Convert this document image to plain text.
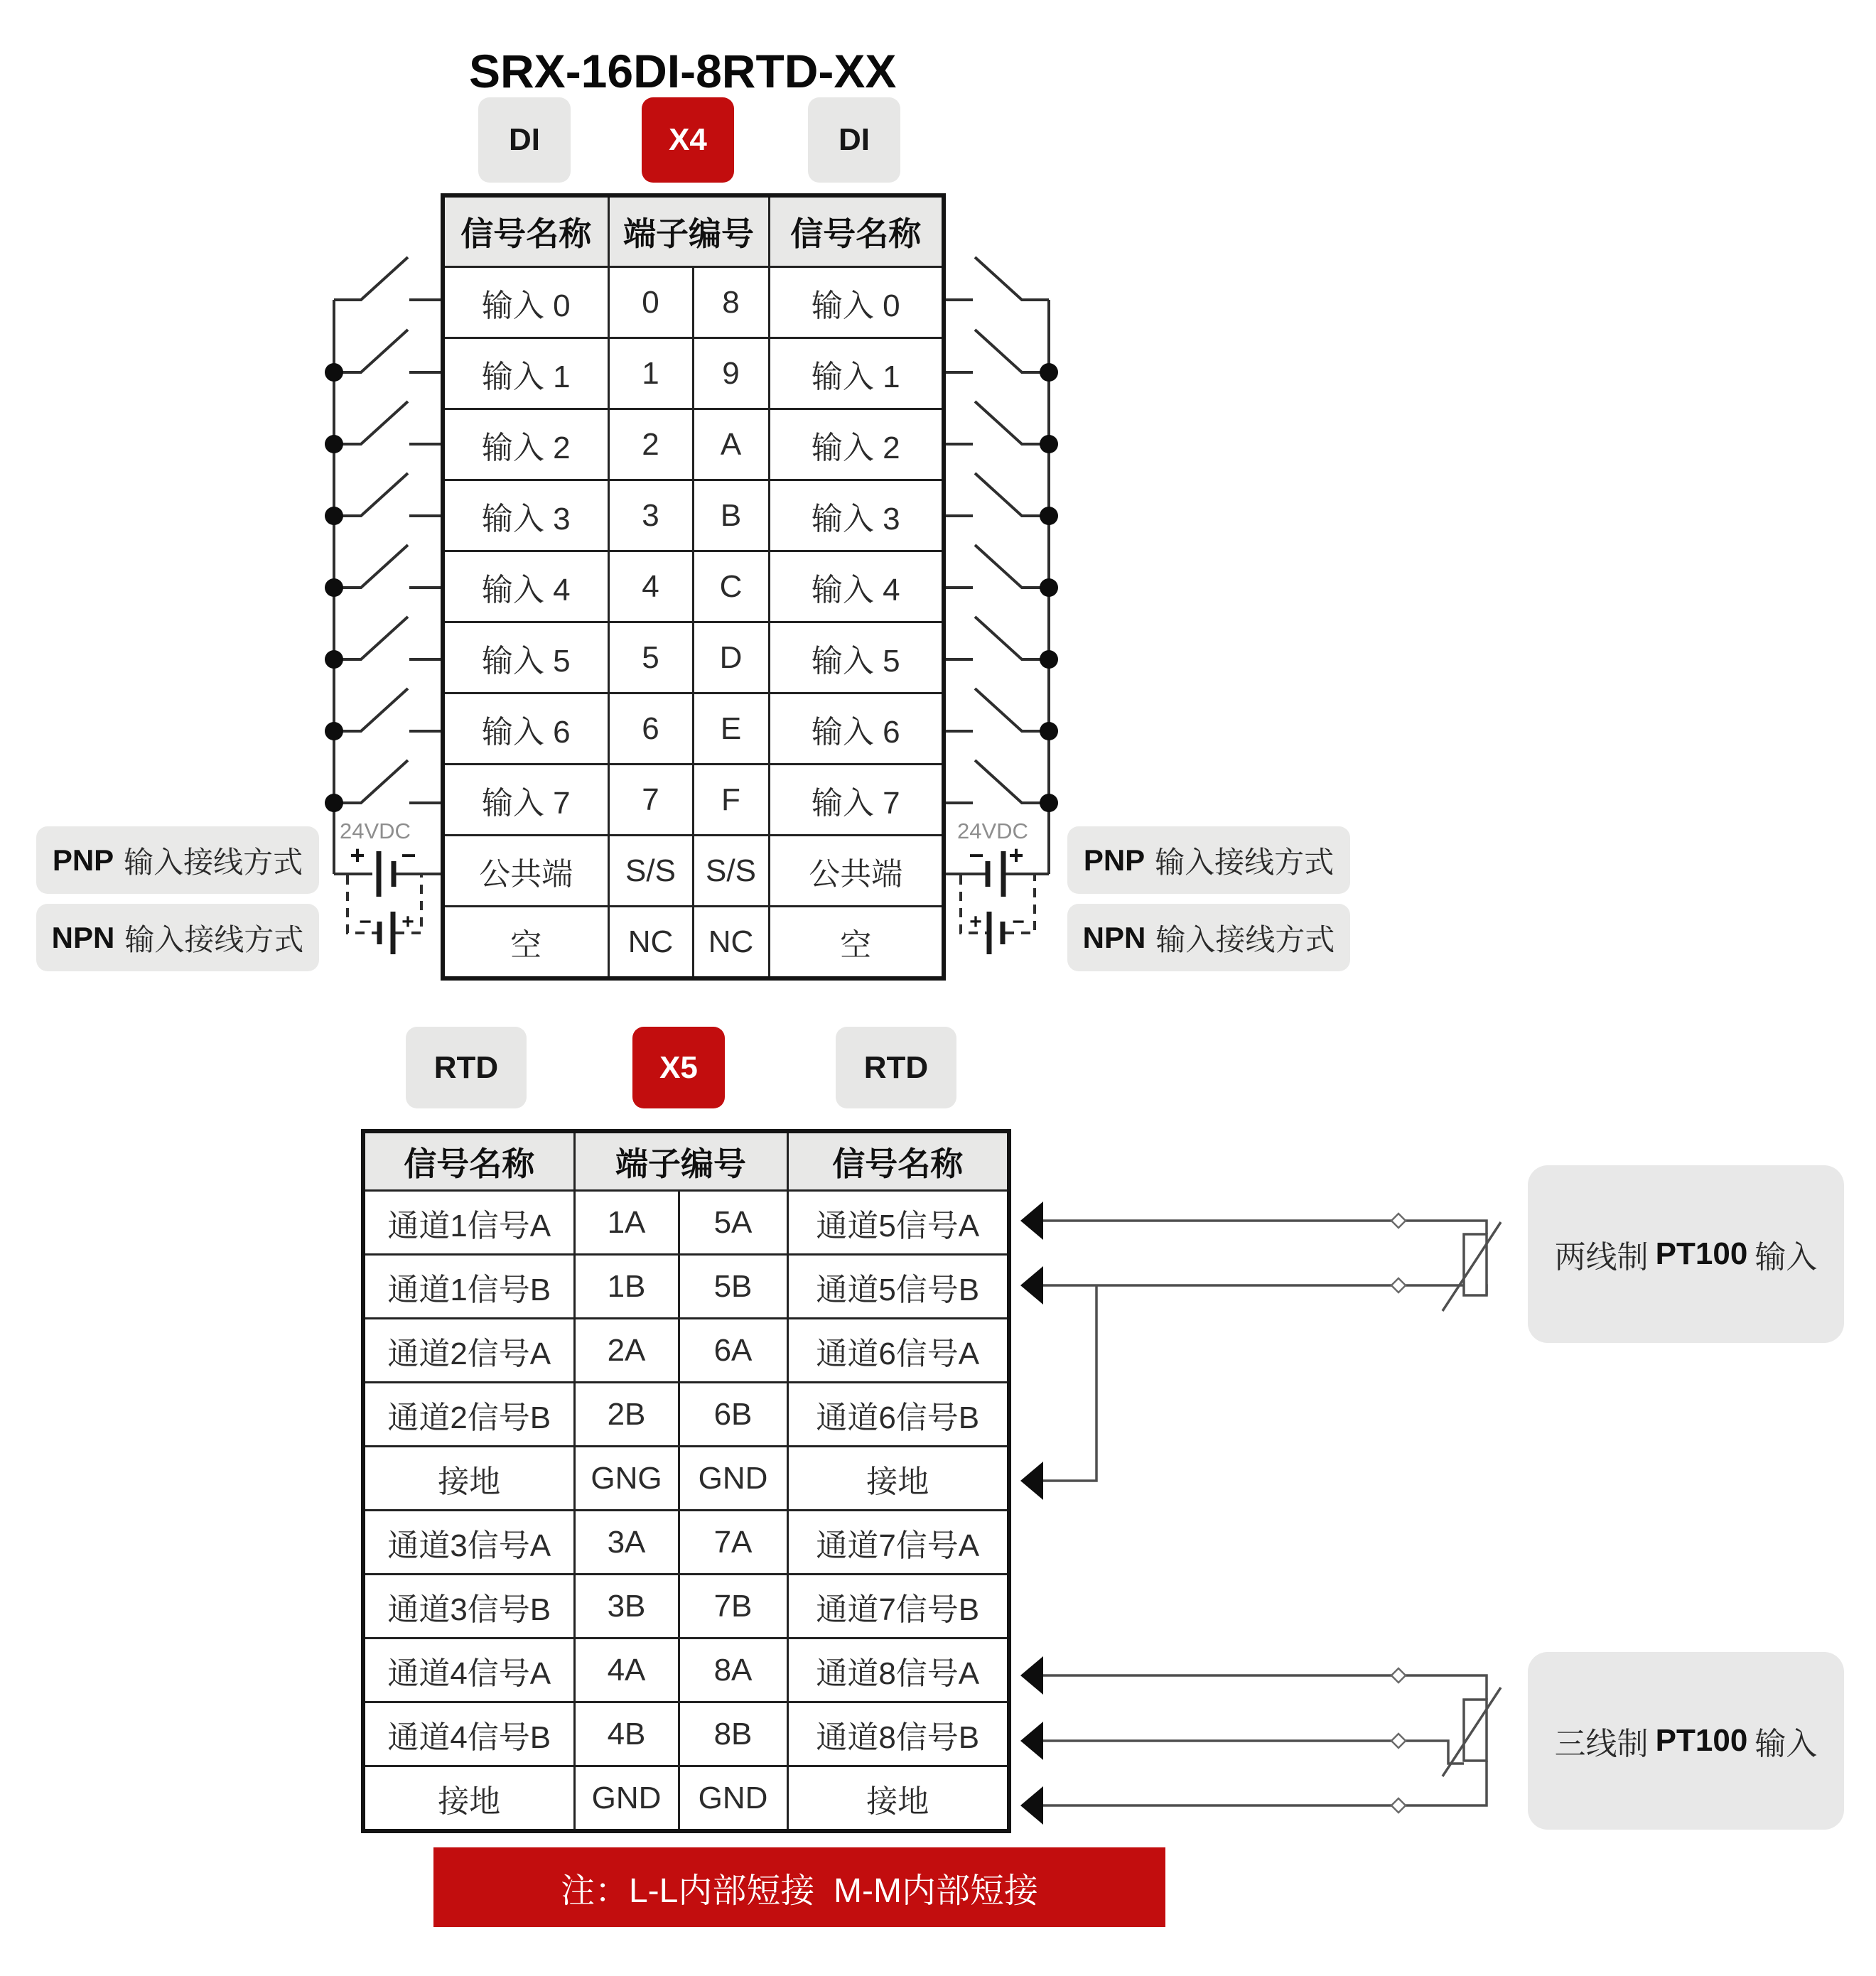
24VDC
+ −
− +
24VDC
− +
+ −
SRX-16DI-8RTD-XX
DI	X4	DI
信号名称	端子编号		信号名称
输入 0	0	8	输入 0
输入 1	1	9	输入 1
输入 2	2	A	输入 2
输入 3	3	B	输入 3
输入 4	4	C	输入 4
输入 5	5	D	输入 5
输入 6	6	E	输入 6
输入 7	7	F	输入 7
公共端	S/S	S/S	公共端
空	NC	NC	空
PNP 输入接线方式
NPN 输入接线方式
PNP 输入接线方式
NPN 输入接线方式
RTD	X5	RTD
信号名称	端子编号		信号名称
通道1信号A	1A	5A	通道5信号A
通道1信号B	1B	5B	通道5信号B
通道2信号A	2A	6A	通道6信号A
通道2信号B	2B	6B	通道6信号B
接地	GNG	GND	接地
通道3信号A	3A	7A	通道7信号A
通道3信号B	3B	7B	通道7信号B
通道4信号A	4A	8A	通道8信号A
通道4信号B	4B	8B	通道8信号B
接地	GND	GND	接地
两线制 PT100 输入
三线制 PT100 输入
注：L-L内部短接  M-M内部短接
